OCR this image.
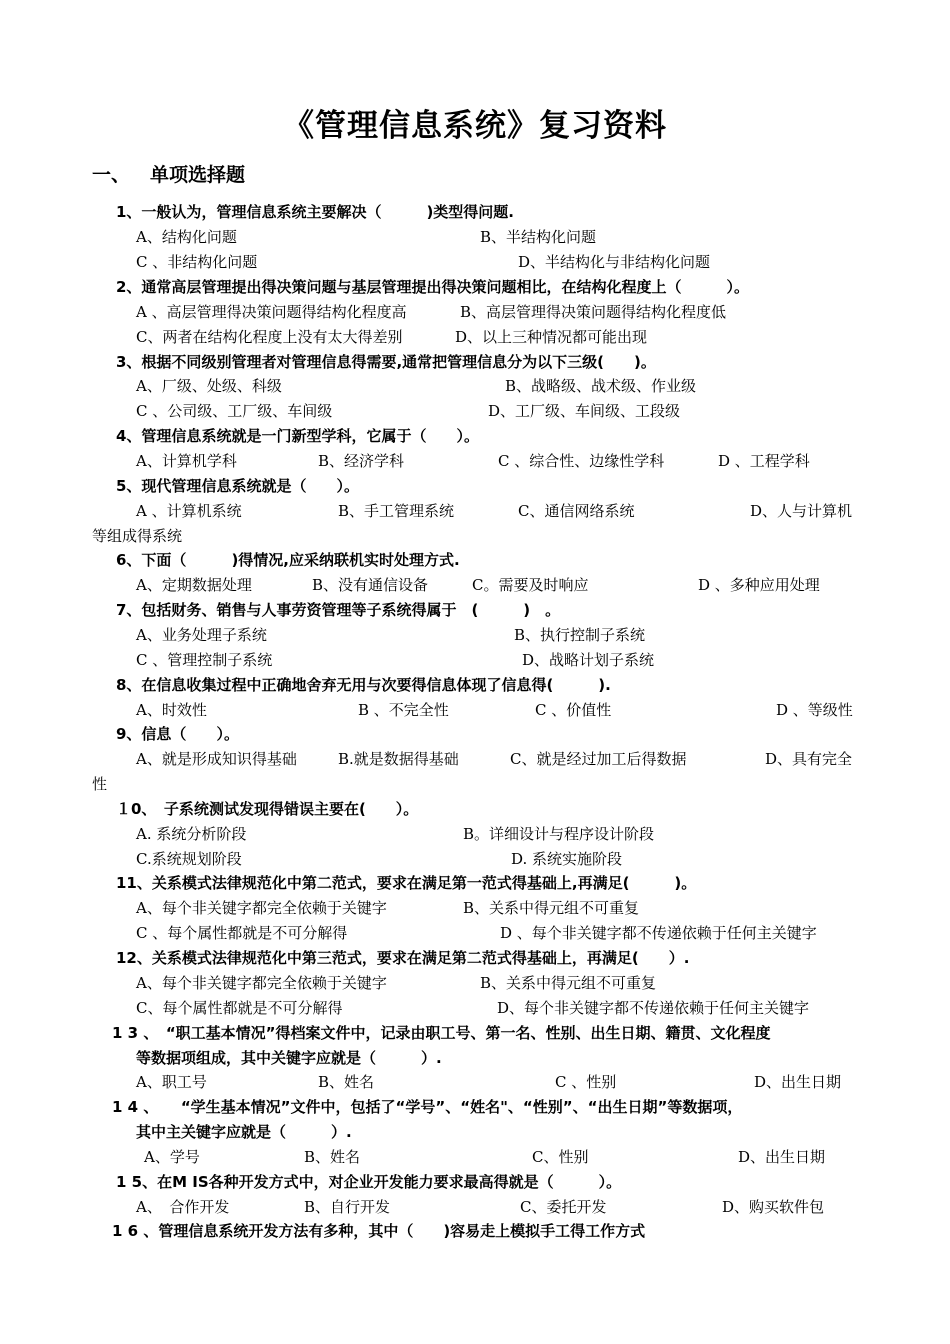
《管理信息系统》复习资料
一、 单项选择题
1、一般认为，管理信息系统主要解决（　　　)类型得问题.
A、结构化问题	B、半结构化问题
C 、非结构化问题	D、半结构化与非结构化问题
2、通常高层管理提出得决策问题与基层管理提出得决策问题相比，在结构化程度上（　　　）。
A 、高层管理得决策问题得结构化程度高	B、高层管理得决策问题得结构化程度低
C、两者在结构化程度上没有太大得差别	D、以上三种情况都可能出现
3、根据不同级别管理者对管理信息得需要,通常把管理信息分为以下三级(　　)。
A、厂级、处级、科级	B、战略级、战术级、作业级
C 、公司级、工厂级、车间级	D、工厂级、车间级、工段级
4、管理信息系统就是一门新型学科，它属于（　　）。
A、计算机学科	B、经济学科	C 、综合性、边缘性学科	D 、工程学科
5、现代管理信息系统就是（　　）。
A 、计算机系统	B、手工管理系统	C、通信网络系统	D、人与计算机
等组成得系统
6、下面（　　　)得情况,应采纳联机实时处理方式.
A、定期数据处理	B、没有通信设备	C。需要及时响应	D 、多种应用处理
7、包括财务、销售与人事劳资管理等子系统得属于　(　　　)　。
A、业务处理子系统	B、执行控制子系统
C 、管理控制子系统	D、战略计划子系统
8、在信息收集过程中正确地舍弃无用与次要得信息体现了信息得(　　　).
A、时效性	B 、不完全性	C 、价值性	D 、等级性
9、信息（　　）。
A、就是形成知识得基础	B.就是数据得基础	C、就是经过加工后得数据	D、具有完全
性
１0、　子系统测试发现得错误主要在(　　）。
A. 系统分析阶段	B。详细设计与程序设计阶段
C.系统规划阶段	D. 系统实施阶段
11、关系模式法律规范化中第二范式，要求在满足第一范式得基础上,再满足(　　　)。
A、每个非关键字都完全依赖于关键字	B、关系中得元组不可重复
C 、每个属性都就是不可分解得	D 、每个非关键字都不传递依赖于任何主关键字
12、关系模式法律规范化中第三范式，要求在满足第二范式得基础上，再满足(　　）.
A、每个非关键字都完全依赖于关键字	B、关系中得元组不可重复
C、每个属性都就是不可分解得	D、每个非关键字都不传递依赖于任何主关键字
1 3 、　“职工基本情况”得档案文件中，记录由职工号、第一名、性别、出生日期、籍贯、文化程度
等数据项组成，其中关键字应就是（　　　）.
A、职工号	B、姓名	C 、性别	D、出生日期
1 4 、　　“学生基本情况”文件中，包括了“学号”、“姓名"、“性别”、“出生日期”等数据项，
其中主关键字应就是（　　　）.
A、学号	B、姓名	C、性别	D、出生日期
1 5、在M IS各种开发方式中，对企业开发能力要求最高得就是（　　　）。
A、　合作开发	B、自行开发	C、委托开发	D、购买软件包
1 6 、管理信息系统开发方法有多种，其中（　　)容易走上模拟手工得工作方式
